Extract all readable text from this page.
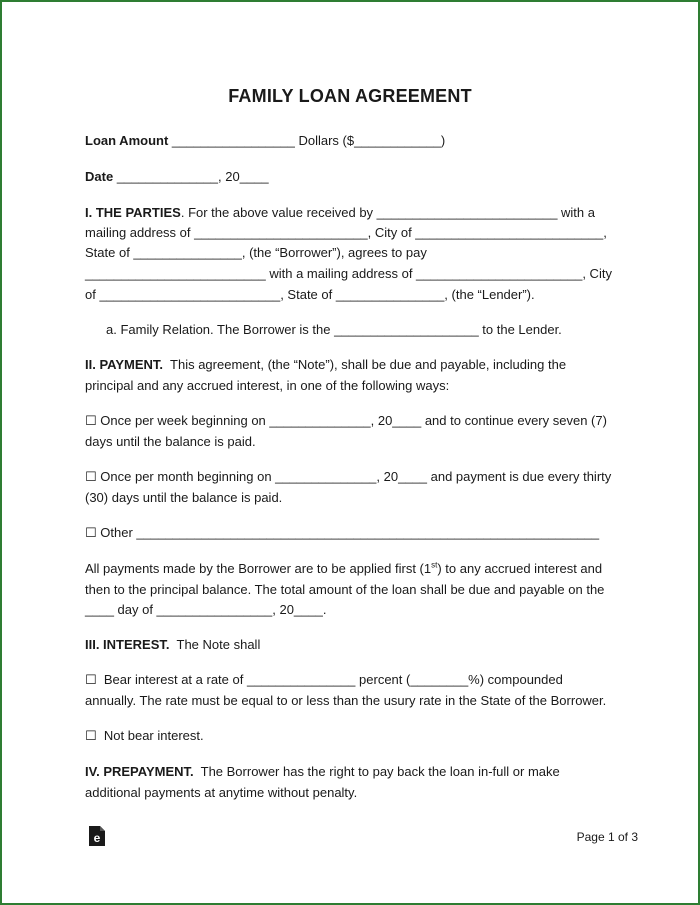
FAMILY LOAN AGREEMENT
Loan Amount _________________ Dollars ($____________)
Date ______________, 20____
I. THE PARTIES. For the above value received by _________________________ with a
mailing address of ________________________, City of __________________________,
State of _______________, (the “Borrower”), agrees to pay
_________________________ with a mailing address of _______________________, City
of _________________________, State of _______________, (the “Lender”).
a. Family Relation. The Borrower is the ____________________ to the Lender.
II. PAYMENT. This agreement, (the “Note”), shall be due and payable, including the
principal and any accrued interest, in one of the following ways:
☐ Once per week beginning on ______________, 20____ and to continue every seven (7)
days until the balance is paid.
☐ Once per month beginning on ______________, 20____ and payment is due every thirty
(30) days until the balance is paid.
☐ Other ________________________________________________________________
All payments made by the Borrower are to be applied first (1st) to any accrued interest and
then to the principal balance. The total amount of the loan shall be due and payable on the
____ day of ________________, 20____.
III. INTEREST. The Note shall
☐ Bear interest at a rate of _______________ percent (________%) compounded
annually. The rate must be equal to or less than the usury rate in the State of the Borrower.
☐ Not bear interest.
IV. PREPAYMENT. The Borrower has the right to pay back the loan in-full or make
additional payments at anytime without penalty.
e	Page 1 of 3
